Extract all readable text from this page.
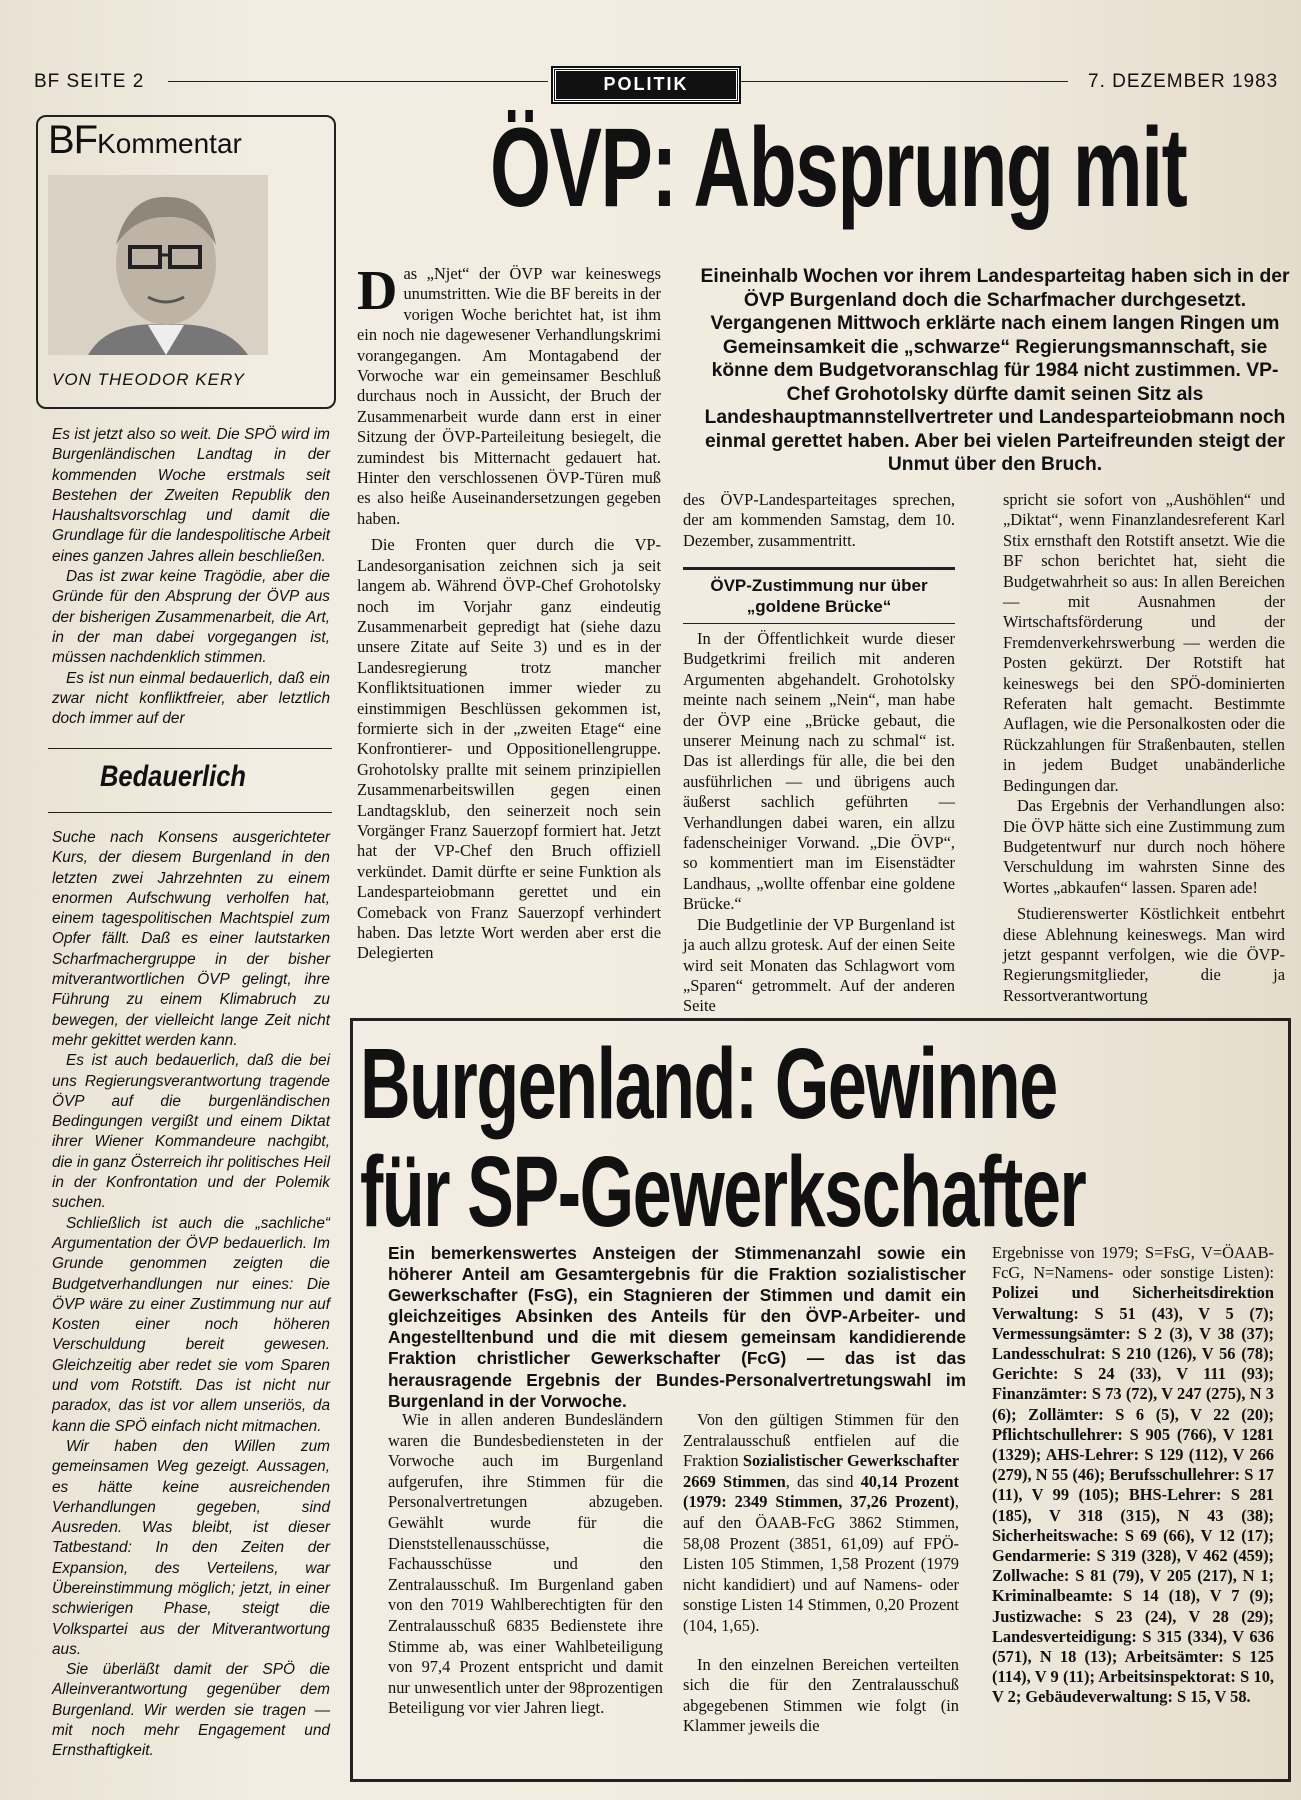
BF SEITE 2	POLITIK	7. DEZEMBER 1983
BFKommentar
VON THEODOR KERY

Es ist jetzt also so weit. Die SPÖ wird im Burgenländischen Landtag in der kommenden Woche erstmals seit Bestehen der Zweiten Republik den Haushaltsvorschlag und damit die Grundlage für die landespolitische Arbeit eines ganzen Jahres allein beschließen.

Das ist zwar keine Tragödie, aber die Gründe für den Absprung der ÖVP aus der bisherigen Zusammenarbeit, die Art, in der man dabei vorgegangen ist, müssen nachdenklich stimmen.

Es ist nun einmal bedauerlich, daß ein zwar nicht konfliktfreier, aber letztlich doch immer auf der

Bedauerlich

Suche nach Konsens ausgerichteter Kurs, der diesem Burgenland in den letzten zwei Jahrzehnten zu einem enormen Aufschwung verholfen hat, einem tagespolitischen Machtspiel zum Opfer fällt. Daß es einer lautstarken Scharfmachergruppe in der bisher mitverantwortlichen ÖVP gelingt, ihre Führung zu einem Klimabruch zu bewegen, der vielleicht lange Zeit nicht mehr gekittet werden kann.

Es ist auch bedauerlich, daß die bei uns Regierungsverantwortung tragende ÖVP auf die burgenländischen Bedingungen vergißt und einem Diktat ihrer Wiener Kommandeure nachgibt, die in ganz Österreich ihr politisches Heil in der Konfrontation und der Polemik suchen.

Schließlich ist auch die „sachliche“ Argumentation der ÖVP bedauerlich. Im Grunde genommen zeigten die Budgetverhandlungen nur eines: Die ÖVP wäre zu einer Zustimmung nur auf Kosten einer noch höheren Verschuldung bereit gewesen. Gleichzeitig aber redet sie vom Sparen und vom Rotstift. Das ist nicht nur paradox, das ist vor allem unseriös, da kann die SPÖ einfach nicht mitmachen.

Wir haben den Willen zum gemeinsamen Weg gezeigt. Aussagen, es hätte keine ausreichenden Verhandlungen gegeben, sind Ausreden. Was bleibt, ist dieser Tatbestand: In den Zeiten der Expansion, des Verteilens, war Übereinstimmung möglich; jetzt, in einer schwierigen Phase, steigt die Volkspartei aus der Mitverantwortung aus.

Sie überläßt damit der SPÖ die Alleinverantwortung gegenüber dem Burgenland. Wir werden sie tragen — mit noch mehr Engagement und Ernsthaftigkeit.

ÖVP: Absprung mit
Eineinhalb Wochen vor ihrem Landesparteitag haben sich in der ÖVP Burgenland doch die Scharfmacher durchgesetzt. Vergangenen Mittwoch erklärte nach einem langen Ringen um Gemeinsamkeit die „schwarze“ Regierungsmannschaft, sie könne dem Budgetvoranschlag für 1984 nicht zustimmen. VP-Chef Grohotolsky dürfte damit seinen Sitz als Landeshauptmannstellvertreter und Landesparteiobmann noch einmal gerettet haben. Aber bei vielen Parteifreunden steigt der Unmut über den Bruch.

Das „Njet“ der ÖVP war keineswegs unumstritten. Wie die BF bereits in der vorigen Woche berichtet hat, ist ihm ein noch nie dagewesener Verhandlungskrimi vorangegangen. Am Montagabend der Vorwoche war ein gemeinsamer Beschluß durchaus noch in Aussicht, der Bruch der Zusammenarbeit wurde dann erst in einer Sitzung der ÖVP-Parteileitung besiegelt, die zumindest bis Mitternacht gedauert hat. Hinter den verschlossenen ÖVP-Türen muß es also heiße Auseinandersetzungen gegeben haben.

Die Fronten quer durch die VP-Landesorganisation zeichnen sich ja seit langem ab. Während ÖVP-Chef Grohotolsky noch im Vorjahr ganz eindeutig Zusammenarbeit gepredigt hat (siehe dazu unsere Zitate auf Seite 3) und es in der Landesregierung trotz mancher Konfliktsituationen immer wieder zu einstimmigen Beschlüssen gekommen ist, formierte sich in der „zweiten Etage“ eine Konfrontierer- und Oppositionellengruppe. Grohotolsky prallte mit seinem prinzipiellen Zusammenarbeitswillen gegen einen Landtagsklub, den seinerzeit noch sein Vorgänger Franz Sauerzopf formiert hat. Jetzt hat der VP-Chef den Bruch offiziell verkündet. Damit dürfte er seine Funktion als Landesparteiobmann gerettet und ein Comeback von Franz Sauerzopf verhindert haben. Das letzte Wort werden aber erst die Delegierten

des ÖVP-Landesparteitages sprechen, der am kommenden Samstag, dem 10. Dezember, zusammentritt.

ÖVP-Zustimmung nur über „goldene Brücke“

In der Öffentlichkeit wurde dieser Budgetkrimi freilich mit anderen Argumenten abgehandelt. Grohotolsky meinte nach seinem „Nein“, man habe der ÖVP eine „Brücke gebaut, die unserer Meinung nach zu schmal“ ist. Das ist allerdings für alle, die bei den ausführlichen — und übrigens auch äußerst sachlich geführten — Verhandlungen dabei waren, ein allzu fadenscheiniger Vorwand. „Die ÖVP“, so kommentiert man im Eisenstädter Landhaus, „wollte offenbar eine goldene Brücke.“

Die Budgetlinie der VP Burgenland ist ja auch allzu grotesk. Auf der einen Seite wird seit Monaten das Schlagwort vom „Sparen“ getrommelt. Auf der anderen Seite

spricht sie sofort von „Aushöhlen“ und „Diktat“, wenn Finanzlandesreferent Karl Stix ernsthaft den Rotstift ansetzt. Wie die BF schon berichtet hat, sieht die Budgetwahrheit so aus: In allen Bereichen — mit Ausnahmen der Wirtschaftsförderung und der Fremdenverkehrswerbung — werden die Posten gekürzt. Der Rotstift hat keineswegs bei den SPÖ-dominierten Referaten halt gemacht. Bestimmte Auflagen, wie die Personalkosten oder die Rückzahlungen für Straßenbauten, stellen in jedem Budget unabänderliche Bedingungen dar.

Das Ergebnis der Verhandlungen also: Die ÖVP hätte sich eine Zustimmung zum Budgetentwurf nur durch noch höhere Verschuldung im wahrsten Sinne des Wortes „abkaufen“ lassen. Sparen ade!

Studierenswerter Köstlichkeit entbehrt diese Ablehnung keineswegs. Man wird jetzt gespannt verfolgen, wie die ÖVP-Regierungsmitglieder, die ja Ressortverantwortung

Burgenland: Gewinne
für SP-Gewerkschafter
Ein bemerkenswertes Ansteigen der Stimmenanzahl sowie ein höherer Anteil am Gesamtergebnis für die Fraktion sozialistischer Gewerkschafter (FsG), ein Stagnieren der Stimmen und damit ein gleichzeitiges Absinken des Anteils für den ÖVP-Arbeiter- und Angestelltenbund und die mit diesem gemeinsam kandidierende Fraktion christlicher Gewerkschafter (FcG) — das ist das herausragende Ergebnis der Bundes-Personalvertretungswahl im Burgenland in der Vorwoche.

Wie in allen anderen Bundesländern waren die Bundesbediensteten in der Vorwoche auch im Burgenland aufgerufen, ihre Stimmen für die Personalvertretungen abzugeben. Gewählt wurde für die Dienststellenausschüsse, die Fachausschüsse und den Zentralausschuß. Im Burgenland gaben von den 7019 Wahlberechtigten für den Zentralausschuß 6835 Bedienstete ihre Stimme ab, was einer Wahlbeteiligung von 97,4 Prozent entspricht und damit nur unwesentlich unter der 98prozentigen Beteiligung vor vier Jahren liegt.

Von den gültigen Stimmen für den Zentralausschuß entfielen auf die Fraktion Sozialistischer Gewerkschafter 2669 Stimmen, das sind 40,14 Prozent (1979: 2349 Stimmen, 37,26 Prozent), auf den ÖAAB-FcG 3862 Stimmen, 58,08 Prozent (3851, 61,09) auf FPÖ-Listen 105 Stimmen, 1,58 Prozent (1979 nicht kandidiert) und auf Namens- oder sonstige Listen 14 Stimmen, 0,20 Prozent (104, 1,65).

In den einzelnen Bereichen verteilten sich die für den Zentralausschuß abgegebenen Stimmen wie folgt (in Klammer jeweils die

Ergebnisse von 1979; S=FsG, V=ÖAAB-FcG, N=Namens- oder sonstige Listen): Polizei und Sicherheitsdirektion Verwaltung: S 51 (43), V 5 (7); Vermessungsämter: S 2 (3), V 38 (37); Landesschulrat: S 210 (126), V 56 (78); Gerichte: S 24 (33), V 111 (93); Finanzämter: S 73 (72), V 247 (275), N 3 (6); Zollämter: S 6 (5), V 22 (20); Pflichtschullehrer: S 905 (766), V 1281 (1329); AHS-Lehrer: S 129 (112), V 266 (279), N 55 (46); Berufsschullehrer: S 17 (11), V 99 (105); BHS-Lehrer: S 281 (185), V 318 (315), N 43 (38); Sicherheitswache: S 69 (66), V 12 (17); Gendarmerie: S 319 (328), V 462 (459); Zollwache: S 81 (79), V 205 (217), N 1; Kriminalbeamte: S 14 (18), V 7 (9); Justizwache: S 23 (24), V 28 (29); Landesverteidigung: S 315 (334), V 636 (571), N 18 (13); Arbeitsämter: S 125 (114), V 9 (11); Arbeitsinspektorat: S 10, V 2; Gebäudeverwaltung: S 15, V 58.
